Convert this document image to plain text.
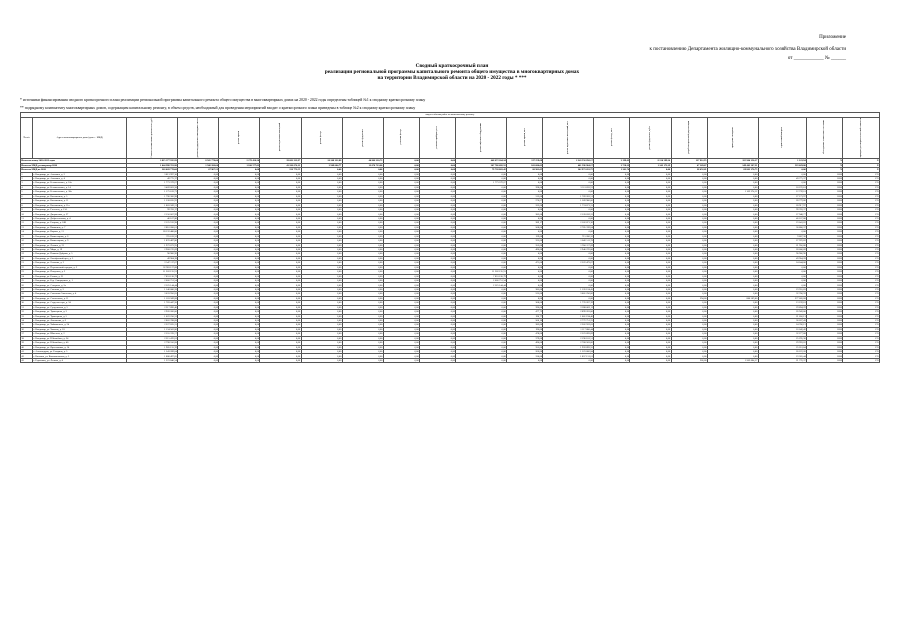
Приложение
к постановлению Департамента жилищно-коммунального хозяйства Владимирской области
от ____________ № ______
Сводный краткосрочный план
реализации региональной программы капитального ремонта общего имущества в многоквартирных домах
на территории Владимирской области на 2020 - 2022 годы * ***
* источники финансирования сводного краткосрочного плана реализации региональной программы капитального ремонта общего имущества в многоквартирных домах на 2020 - 2022 годы определены таблицей №1 к сводному краткосрочному плану
** подрядному контингенту многоквартирных домов, содержащим капитальному ремонту, в объем средств, необходимый для проведения мероприятий входит о краткосрочного плана приведены в таблице №2 к сводному краткосрочному плану
виды и объемы работ по капитальному ремонту																			
№ п/п	Адрес многоквартирного дома (далее - МКД)	Стоимость капитального ремонта всего, руб.	ремонт внутридомовых инженерных систем	ремонт крыши	ремонт подвальных помещений	ремонт фасада	ремонт фундамента	утепление фасада	установка приборов учета	ремонт лифтового оборудования	ремонт крыши, кв.м	ремонт подвальных помещений, кв.м	ремонт фасада, кв.м	ремонт фундамента, куб.м	разработка проектной документации	проведение экспертизы	строительный контроль	обследование технического состояния	проверка достоверности сметной стоимости
Итого по плану 2020-2022 годы		3 815 377 935,93	8 505 778,60	2 279 426,24	39 682 233,97	26 208 232,88	40 806 226,73	0,00	0,00	448 672 204,34	317 259,68	2 243 556 856,17	2 199,63	8 120 399,34	127 912,95	325 964 250,17	1 122,94	X	X
Итого по МКД, регоператор 2020		1 044 998 763,96	1 508 186,64	1 180 577,81	43 186 676,12	3 949 064,77	13 070 723,60	0,00	0,00	207 786 682,52	102 086,01	401 596 964,17	2 758,32	1 343 173,39	47 169,07	149 441 367,21	519 029,80	X	X
Итого по МКД на 2020		303 069 778,60	07 907,51	0,00	156 773,55	0,00	0,00	0,00	0,00	79 738 803,42	60 901,05	142 973 053,75	1 301,74	0,00	28 452,61	69 861 270,75	0,00	X	X
1	г. Владимир, ул. Асаткина, д. 2	3 813 997,30	0,00	0,00	0,00	0,00	0,00	0,00	0,00	0,00	0,00	0,00	0,00	0,00	0,00	0,00	0,00	2020	РО
2	г. Владимир, ул. Асаткина, д. 4	49 775,37	0,00	0,00	0,00	0,00	0,00	0,00	0,00	0,00	0,00	0,00	0,00	0,00	0,00	0,00	49 775,37	2020	РО
3	г. Владимир, ул. Безыменского, д. 10а	1 773 379,67	0,00	0,00	0,00	0,00	0,00	0,00	0,00	1 773 379,67	0,00	0,00	0,00	0,00	0,00	0,00	0,00	2020	РО
4	г. Владимир, ул. Безыменского, д. 14	3 469 663,58	0,00	0,00	0,00	0,00	0,00	0,00	0,00	0,00	398,00	3 311 833,91	0,00	0,00	0,00	0,00	18 276,81	2020	РО
5	г. Владимир, ул. Безыменского, д. 30а	1 175 013,73	0,00	0,00	0,00	0,00	0,00	0,00	0,00	0,00	0,00	0,00	0,00	0,00	0,00	1 162 274,12	12 739,61	2020	РО
6	г. Владимир, ул. Василисина, д. 5	1 796 366,98	0,00	0,00	0,00	0,00	0,00	0,00	0,00	0,00	313,00	1 769 203,51	0,00	0,00	0,00	0,00	27 173,97	2020	РО
7	г. Владимир, ул. Василисина, д. 11	1 538 035,92	0,00	0,00	0,00	0,00	0,00	0,00	0,00	0,00	276,67	1 509 906,06	0,00	0,00	0,00	0,00	28 779,86	2020	РО
8	г. Владимир, ул. Василисина, д. 11а	1 803 589,12	0,00	0,00	0,00	0,00	0,00	0,00	0,00	0,00	322,60	1 774 671,15	0,00	0,00	0,00	0,00	28 917,97	2020	РО
9	г. Владимир, ул. Гастелло, д. 13А	99 783,37	0,00	0,00	0,00	0,00	0,00	0,00	0,00	0,00	0,00	0,00	0,00	0,00	0,00	0,00	99 783,37	2020	РО
10	г. Владимир, ул. Дворянская, д. 27	2 156 607,99	0,00	0,00	0,00	0,00	0,00	0,00	0,00	0,00	382,00	2 128 659,22	0,00	0,00	0,00	0,00	27 948,77	2020	РО
11	г. Владимир, ул. Добросельская, д. 4	46 167,80	0,00	0,00	0,00	0,00	0,00	0,00	0,00	0,00	0,00	0,00	0,00	0,00	0,00	0,00	46 167,80	2020	РО
12	г. Владимир, ул. Егорова, д. 10В	2 125 912,98	0,00	0,00	0,00	0,00	0,00	0,00	0,00	0,00	389,17	2 102 871,36	0,00	0,00	0,00	0,00	23 041,62	2020	РО
13	г. Владимир, ул. Каманина, д. 7	2 816 200,01	0,00	0,00	0,00	0,00	0,00	0,00	0,00	0,00	508,00	2 785 339,64	0,00	0,00	0,00	0,00	30 860,37	2020	РО
14	г. Владимир, ул. Кирова, д. 11	28 132 480,00	0,00	0,00	0,00	0,00	0,00	0,00	0,00	0,00	0,00	0,00	0,00	0,00	0,00	0,00	0,00	2020	РО
15	г. Владимир, ул. Комиссарова, д. 6	725 013,52	0,00	0,00	0,00	0,00	0,00	0,00	0,00	0,00	129,00	715 206,16	0,00	0,00	0,00	0,00	9 807,36	2020	РО
16	г. Владимир, ул. Комиссарова, д. 9	1 870 487,80	0,00	0,00	0,00	0,00	0,00	0,00	0,00	0,00	325,00	1 842 511,78	0,00	0,00	0,00	0,00	27 976,02	2020	РО
17	г. Владимир, ул. Ленина, д. 21	1 972 073,95	0,00	0,00	0,00	0,00	0,00	0,00	0,00	0,00	353,00	1 950 117,09	0,00	0,00	0,00	0,00	21 956,86	2020	РО
18	г. Владимир, ул. Мира, д. 19	2 968 276,09	0,00	0,00	0,00	0,00	0,00	0,00	0,00	0,00	496,00	2 940 276,00	0,00	0,00	0,00	0,00	28 000,09	2020	РО
19	г. Владимир, ул. Нижняя Дуброва, д. 5	90 906,96	0,00	0,00	0,00	0,00	0,00	0,00	0,00	0,00	0,00	0,00	0,00	0,00	0,00	0,00	90 906,96	2020	РО
20	г. Владимир, ул. Октябрьский пр-т, д. 5	49 904,28	0,00	0,00	0,00	0,00	0,00	0,00	0,00	0,00	0,00	0,00	0,00	0,00	0,00	0,00	49 904,28	2020	РО
21	г. Владимир, ул. Осьмова, д. 2	2 547 117,07	0,00	0,00	0,00	0,00	0,00	0,00	0,00	0,00	471,00	2 522 473,07	0,00	0,00	0,00	0,00	24 644,00	2020	РО
22	г. Владимир, ул. Перекопский городок, д. 2	32 963 127,08	0,00	0,00	0,00	0,00	0,00	0,00	0,00	0,00	0,00	0,00	0,00	0,00	0,00	0,00	0,00	2020	РО
23	г. Владимир, ул. Пичугина, д. 2	11 202 135,91	0,00	0,00	0,00	0,00	0,00	0,00	0,00	11 202 135,91	0,00	0,00	0,00	0,00	0,00	0,00	0,00	2020	РО
24	г. Владимир, ул. Разина, д. 21	7 853 120,79	0,00	0,00	0,00	0,00	0,00	0,00	0,00	7 853 120,79	0,00	0,00	0,00	0,00	0,00	0,00	0,00	2020	РО
25	г. Владимир, ул. Род. Скворцовых, д. 1	2 066 751,54	0,00	0,00	0,00	0,00	0,00	0,00	0,00	2 066 751,54	0,00	0,00	0,00	0,00	0,00	0,00	0,00	2020	РО
26	г. Владимир, ул. Северная, д. 2а	2 525 144,44	0,00	0,00	0,00	0,00	0,00	0,00	0,00	2 525 144,44	0,00	0,00	0,00	0,00	0,00	0,00	0,00	2020	РО
27	г. Владимир, ул. Сланова, д. 3	1 146 080,28	0,00	0,00	0,00	0,00	0,00	0,00	0,00	0,00	385,00	1 126 124,45	0,00	0,00	0,00	0,00	19 955,83	2020	РО
28	г. Владимир, ул. Соколова-Соколенка, д. 4	3 033 956,65	0,00	0,00	0,00	0,00	0,00	0,00	0,00	0,00	525,00	3 001 256,06	0,00	0,00	0,00	0,00	32 700,59	2020	РО
29	г. Владимир, ул. Столетовых, д. 11	1 163 589,68	0,00	0,00	0,00	0,00	0,00	0,00	0,00	0,00	0,00	0,00	0,00	0,00	394,00	886 569,00	277 020,68	2020	РО
30	г. Владимир, ул. Студеная гора, д. 34	1 783 447,20	0,00	0,00	0,00	0,00	0,00	0,00	0,00	0,00	308,00	1 770 207,39	0,00	0,00	0,00	0,00	13 239,81	2020	РО
31	г. Владимир, ул. Суздальская, д. 5	2 317 896,40	0,00	0,00	0,00	0,00	0,00	0,00	0,00	0,00	396,00	2 288 002,11	0,00	0,00	0,00	0,00	29 894,29	2020	РО
32	г. Владимир, ул. Тракторная, д. 3	2 926 206,00	0,00	0,00	0,00	0,00	0,00	0,00	0,00	0,00	477,73	2 899 263,00	0,00	0,00	0,00	0,00	26 943,00	2020	РО
33	г. Владимир, ул. Тракторная, д. 5	1 022 250,53	0,00	0,00	0,00	0,00	0,00	0,00	0,00	0,00	190,77	1 001 194,40	0,00	0,00	0,00	0,00	21 056,13	2020	РО
34	г. Владимир, ул. Фатьянова, д. 6	2 802 788,68	0,00	0,00	0,00	0,00	0,00	0,00	0,00	0,00	500,10	2 772 751,25	0,00	0,00	0,00	0,00	30 037,43	2020	РО
35	г. Владимир, ул. Чайковского, д. 24	2 227 625,15	0,00	0,00	0,00	0,00	0,00	0,00	0,00	0,00	382,00	2 202 919,03	0,00	0,00	0,00	0,00	24 706,12	2020	РО
36	г. Владимир, ул. Чапаева, д. 18	1 134 502,86	0,00	0,00	0,00	0,00	0,00	0,00	0,00	0,00	196,00	1 117 860,44	0,00	0,00	0,00	0,00	16 642,42	2020	РО
37	г. Владимир, ул. Шмелева, д. 2	2 555 370,17	0,00	0,00	0,00	0,00	0,00	0,00	0,00	0,00	478,00	2 523 093,09	0,00	0,00	0,00	0,00	32 277,08	2020	РО
38	г. Владимир, ул. Юбилейная, д. 34	2 215 476,81	0,00	0,00	0,00	0,00	0,00	0,00	0,00	0,00	379,00	2 190 181,51	0,00	0,00	0,00	0,00	25 295,30	2020	РО
39	г. Владимир, ул. Юбилейная, д. 40	2 798 556,68	0,00	0,00	0,00	0,00	0,00	0,00	0,00	0,00	490,00	2 768 563,06	0,00	0,00	0,00	0,00	29 993,62	2020	РО
40	г. Владимир, ул. Ярославская, д. 14	1 985 155,39	0,00	0,00	0,00	0,00	0,00	0,00	0,00	0,00	355,00	1 959 893,55	0,00	0,00	0,00	0,00	25 261,84	2020	РО
41	г. Александров, ул. Гагарина, д. 5	1 543 289,04	0,00	0,00	0,00	0,00	0,00	0,00	0,00	0,00	266,00	1 523 066,84	0,00	0,00	0,00	0,00	20 222,20	2020	РО
42	г. Вязники, ул. Комсомольская, д. 3	1 880 497,05	0,00	0,00	0,00	0,00	0,00	0,00	0,00	0,00	330,00	1 857 131,61	0,00	0,00	0,00	0,00	23 365,44	2020	РО
43	г. Гороховец, ул. Ленина, д. 4	1 223 840,54	0,00	0,00	0,00	0,00	0,00	0,00	0,00	0,00	0,00	0,00	0,00	0,00	260,00	1 202 064,17	21 776,37	2020	РО
